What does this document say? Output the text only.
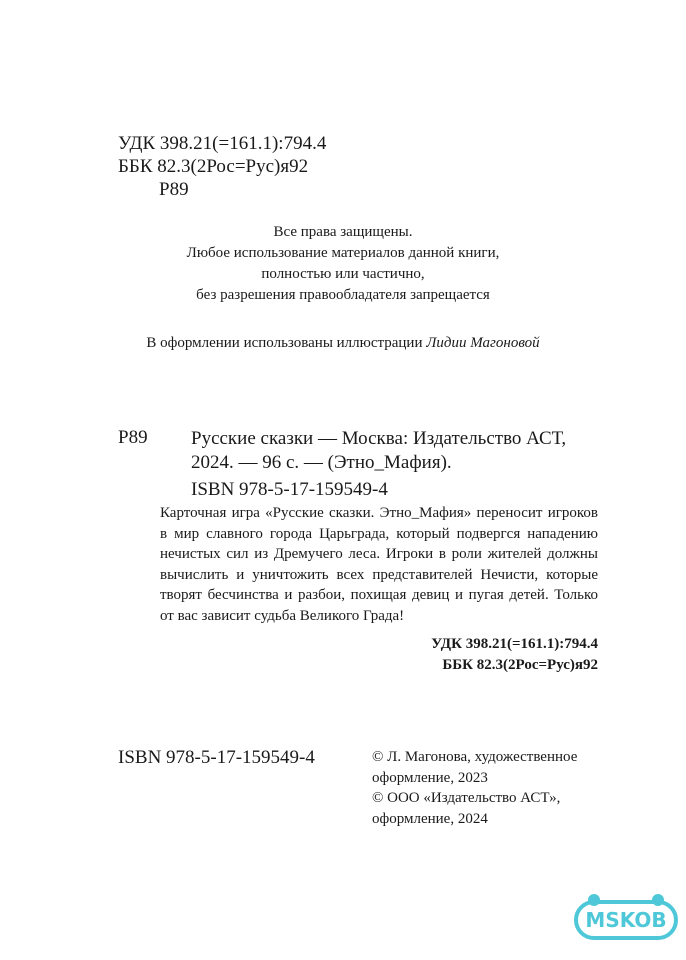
УДК 398.21(=161.1):794.4
ББК 82.3(2Рос=Рус)я92
Р89
Все права защищены.
Любое использование материалов данной книги,
полностью или частично,
без разрешения правообладателя запрещается
В оформлении использованы иллюстрации Лидии Магоновой
Р89 Русские сказки — Москва: Издательство АСТ,
2024. — 96 с. — (Этно_Мафия).
ISBN 978-5-17-159549-4
Карточная игра «Русские сказки. Этно_Мафия» переносит игроков в мир славного города Царьграда, который подвергся нападению нечистых сил из Дремучего леса. Игроки в роли жителей должны вычислить и уничтожить всех представителей Нечисти, которые творят бесчинства и разбои, похищая девиц и пугая детей. Только от вас зависит судьба Великого Града!
УДК 398.21(=161.1):794.4
ББК 82.3(2Рос=Рус)я92
ISBN 978-5-17-159549-4	© Л. Магонова, художественное
оформление, 2023
© ООО «Издательство АСТ»,
оформление, 2024
MSKOB
